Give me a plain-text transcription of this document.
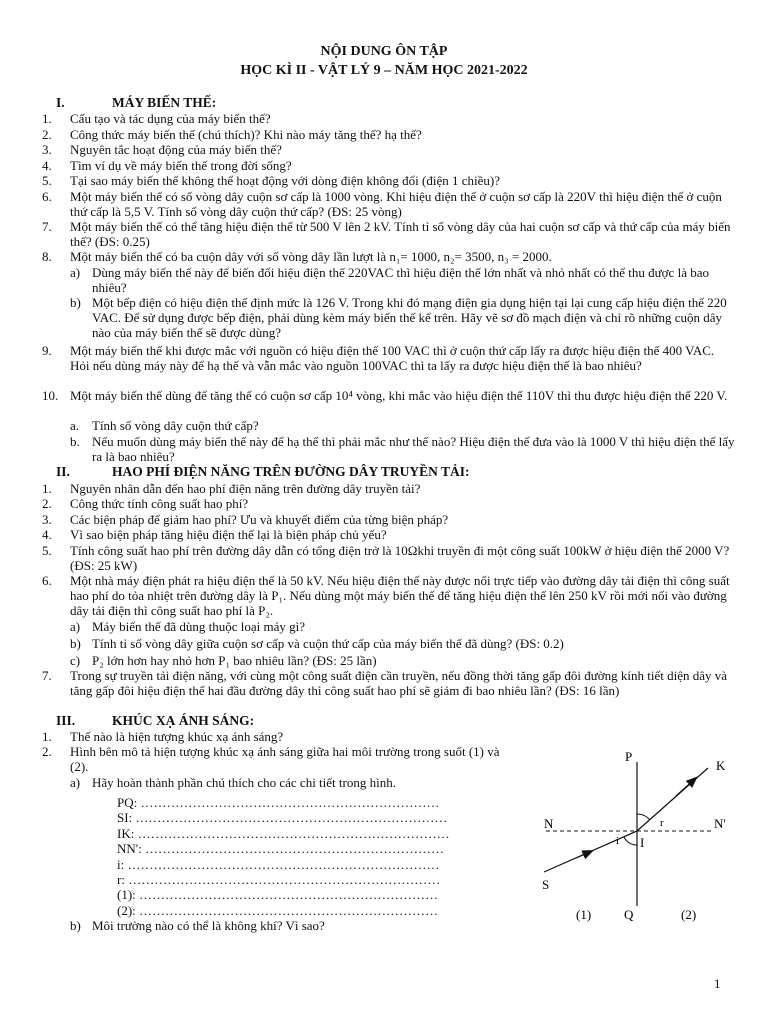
NỘI DUNG ÔN TẬP
HỌC KÌ II - VẬT LÝ 9 – NĂM HỌC 2021-2022
I.	MÁY BIẾN THẾ:
1.	Cấu tạo và tác dụng của máy biến thế?
2.	Công thức máy biến thế (chú thích)? Khi nào máy tăng thế? hạ thế?
3.	Nguyên tắc hoạt động của máy biến thế?
4.	Tìm ví dụ về máy biến thế trong đời sống?
5.	Tại sao máy biến thế không thể hoạt động với dòng điện không đổi (điện 1 chiều)?
6.	Một máy biến thế có số vòng dây cuộn sơ cấp là 1000 vòng. Khi hiệu điện thế ở cuộn sơ cấp là 220V thì hiệu điện thế ở cuộn thứ cấp là 5,5 V. Tính số vòng dây cuộn thứ cấp? (ĐS: 25 vòng)
7.	Một máy biến thế có thể tăng hiệu điện thế từ 500 V lên 2 kV. Tính tỉ số vòng dây của hai cuộn sơ cấp và thứ cấp của máy biến thế? (ĐS: 0.25)
8.	Một máy biến thế có ba cuộn dây với số vòng dây lần lượt là n₁= 1000, n₂= 3500, n₃ = 2000.
a) Dùng máy biến thế này để biến đổi hiệu điện thế 220VAC thì hiệu điện thế lớn nhất và nhỏ nhất có thể thu được là bao nhiêu?
b) Một bếp điện có hiệu điện thế định mức là 126 V. Trong khi đó mạng điện gia dụng hiện tại lại cung cấp hiệu điện thế 220 VAC. Để sử dụng được bếp điện, phải dùng kèm máy biến thế kể trên. Hãy vẽ sơ đồ mạch điện và chỉ rõ những cuộn dây nào của máy biến thế sẽ được dùng?
9.	Một máy biến thế khi được mắc với nguồn có hiệu điện thế 100 VAC thì ở cuộn thứ cấp lấy ra được hiệu điện thế 400 VAC. Hỏi nếu dùng máy này để hạ thế và vẫn mắc vào nguồn 100VAC thì ta lấy ra được hiệu điện thế là bao nhiêu?
10. Một máy biến thế dùng để tăng thế có cuộn sơ cấp 10⁴ vòng, khi mắc vào hiệu điện thế 110V thì thu được hiệu điện thế 220 V.
a. Tính số vòng dây cuộn thứ cấp?
b. Nếu muốn dùng máy biến thế này để hạ thế thì phải mắc như thế nào? Hiệu điện thế đưa vào là 1000 V thì hiệu điện thế lấy ra là bao nhiêu?
II.	HAO PHÍ ĐIỆN NĂNG TRÊN ĐƯỜNG DÂY TRUYỀN TẢI:
1.	Nguyên nhân dẫn đến hao phí điện năng trên đường dây truyền tải?
2.	Công thức tính công suất hao phí?
3.	Các biện pháp để giảm hao phí? Ưu và khuyết điểm của từng biện pháp?
4.	Vì sao biện pháp tăng hiệu điện thế lại là biện pháp chủ yếu?
5.	Tính công suất hao phí trên đường dây dẫn có tổng điện trở là 10Ωkhi truyền đi một công suất 100kW ở hiệu điện thế 2000 V? (ĐS: 25 kW)
6.	Một nhà máy điện phát ra hiệu điện thế là 50 kV. Nếu hiệu điện thế này được nối trực tiếp vào đường dây tải điện thì công suất hao phí do tỏa nhiệt trên đường dây là P₁. Nếu dùng một máy biến thế để tăng hiệu điện thế lên 250 kV rồi mới nối vào đường dây tải điện thì công suất hao phí là P₂.
a) Máy biến thế đã dùng thuộc loại máy gì?
b) Tính tỉ số vòng dây giữa cuộn sơ cấp và cuộn thứ cấp của máy biến thế đã dùng? (ĐS: 0.2)
c) P₂ lớn hơn hay nhỏ hơn P₁ bao nhiêu lần? (ĐS: 25 lần)
7.	Trong sự truyền tải điện năng, với cùng một công suất điện cần truyền, nếu đồng thời tăng gấp đôi đường kính tiết diện dây và tăng gấp đôi hiệu điện thế hai đầu đường dây thì công suất hao phí sẽ giảm đi bao nhiêu lần? (ĐS: 16 lần)
III.	KHÚC XẠ ÁNH SÁNG:
1.	Thế nào là hiện tượng khúc xạ ánh sáng?
2.	Hình bên mô tả hiện tượng khúc xạ ánh sáng giữa hai môi trường trong suốt (1) và (2).
a) Hãy hoàn thành phần chú thích cho các chi tiết trong hình.
PQ: ……………………………………………………………
SI: ………………………………………………………………
IK: ………………………………………………………………
NN': ……………………………………………………………
i: ………………………………………………………………
r: ………………………………………………………………
(1): ……………………………………………………………
(2): ……………………………………………………………
b) Môi trường nào có thể là không khí? Vì sao?
P
K
N	N'
r
i I
S
Q
(1)	(2)
1
